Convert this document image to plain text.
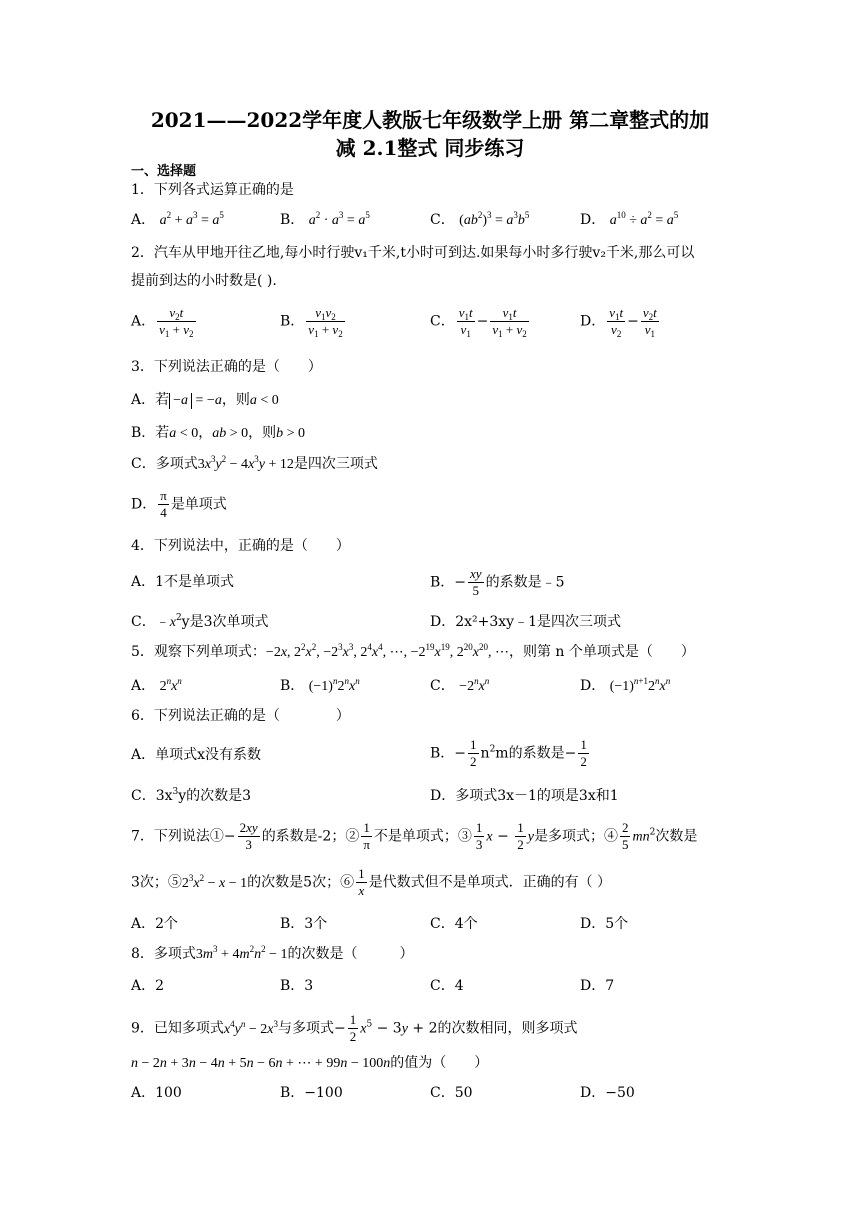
2021——2022学年度人教版七年级数学上册 第二章整式的加
减 2.1整式 同步练习
一、选择题
1．下列各式运算正确的是
A． $a^2 + a^3 = a^5$	B． $a^2 \cdot a^3 = a^5$	C． $(ab^2)^3 = a^3b^5$	D． $a^{10} \div a^2 = a^5$
2．汽车从甲地开往乙地,每小时行驶v₁千米,t小时可到达.如果每小时多行驶v₂千米,那么可以
提前到达的小时数是( ).
A． $\frac{v_2t}{v_1 + v_2}$	B． $\frac{v_1v_2}{v_1 + v_2}$	C． $\frac{v_1t}{v_1} - \frac{v_1t}{v_1 + v_2}$	D． $\frac{v_1t}{v_2} - \frac{v_2t}{v_1}$
3．下列说法正确的是（　　）
A．若 −a = −a，则a < 0
B．若a < 0，ab > 0，则b > 0
C．多项式$3x^3y^2 - 4x^3y + 12$是四次三项式
D． $\frac{\pi}{4}$ 是单项式
4．下列说法中，正确的是（　　）
A．1不是单项式	B．− $\frac{xy}{5}$ 的系数是﹣5
C．$﹣x^2y$是3次单项式	D．2x²+3xy﹣1是四次三项式
5．观察下列单项式：−2x, $2^2x^2$, $-2^3x^3$, $2^4x^4$, ⋯, $-2^{19}x^{19}$, $2^{20}x^{20}$, ⋯，则第 n 个单项式是（　　）
A． $2^nx^n$	B． $(-1)^n2^nx^n$	C． $-2^nx^n$	D． $(-1)^{n+1}2^nx^n$
6．下列说法正确的是（　　　　）
A．单项式x没有系数	B．− $\frac{1}{2} n^2m$的系数是− $\frac{1}{2}$
C．$3x^3y$的次数是3	D．多项式3x－1的项是3x和1
7．下列说法①− $\frac{2xy}{3}$ 的系数是-2；② $\frac{1}{\pi}$ 不是单项式；③ $\frac{1}{3}$ $x - \frac{1}{2}$ y是多项式；④ $\frac{2}{5} mn^2$次数是
3次；$⑤2^3x^2 - x - 1$的次数是5次；⑥ $\frac{1}{x}$ 是代数式但不是单项式．正确的有（ ）
A．2个	B．3个	C．4个	D．5个
8．多项式$3m^3 + 4m^2n^2 - 1$的次数是（　　　）
A．2	B．3	C．4	D．7
9．已知多项式$x^4y^n - 2x^3$与多项式− $\frac{1}{2} x^5 - 3y + 2$的次数相同，则多项式
n − 2n + 3n − 4n + 5n − 6n + ⋯ + 99n − 100n的值为（　　）
A．100	B．−100	C．50	D．−50
